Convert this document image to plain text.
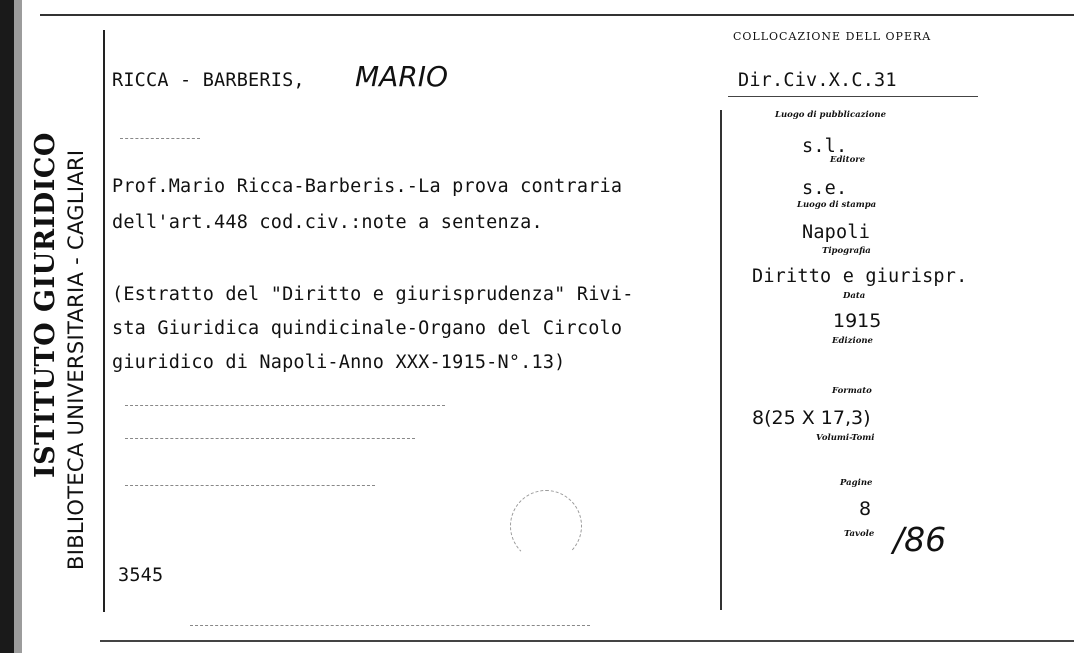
ISTITUTO GIURIDICO BIBLIOTECA UNIVERSITARIA - CAGLIARI
RICCA - BARBERIS, MARIO
Prof.Mario Ricca-Barberis.-La prova contraria
dell'art.448 cod.civ.:note a sentenza.
(Estratto del "Diritto e giurisprudenza" Rivi-
sta Giuridica quindicinale-Organo del Circolo
giuridico di Napoli-Anno XXX-1915-N°.13)
3545
COLLOCAZIONE DELL OPERA
Dir.Civ.X.C.31
Luogo di pubblicazione
s.l.
Editore
s.e.
Luogo di stampa
Napoli
Tipografia
Diritto e giurispr.
Data
1915
Edizione
Formato
8(25 X 17,3)
Volumi-Tomi
Pagine
8
Tavole /86
